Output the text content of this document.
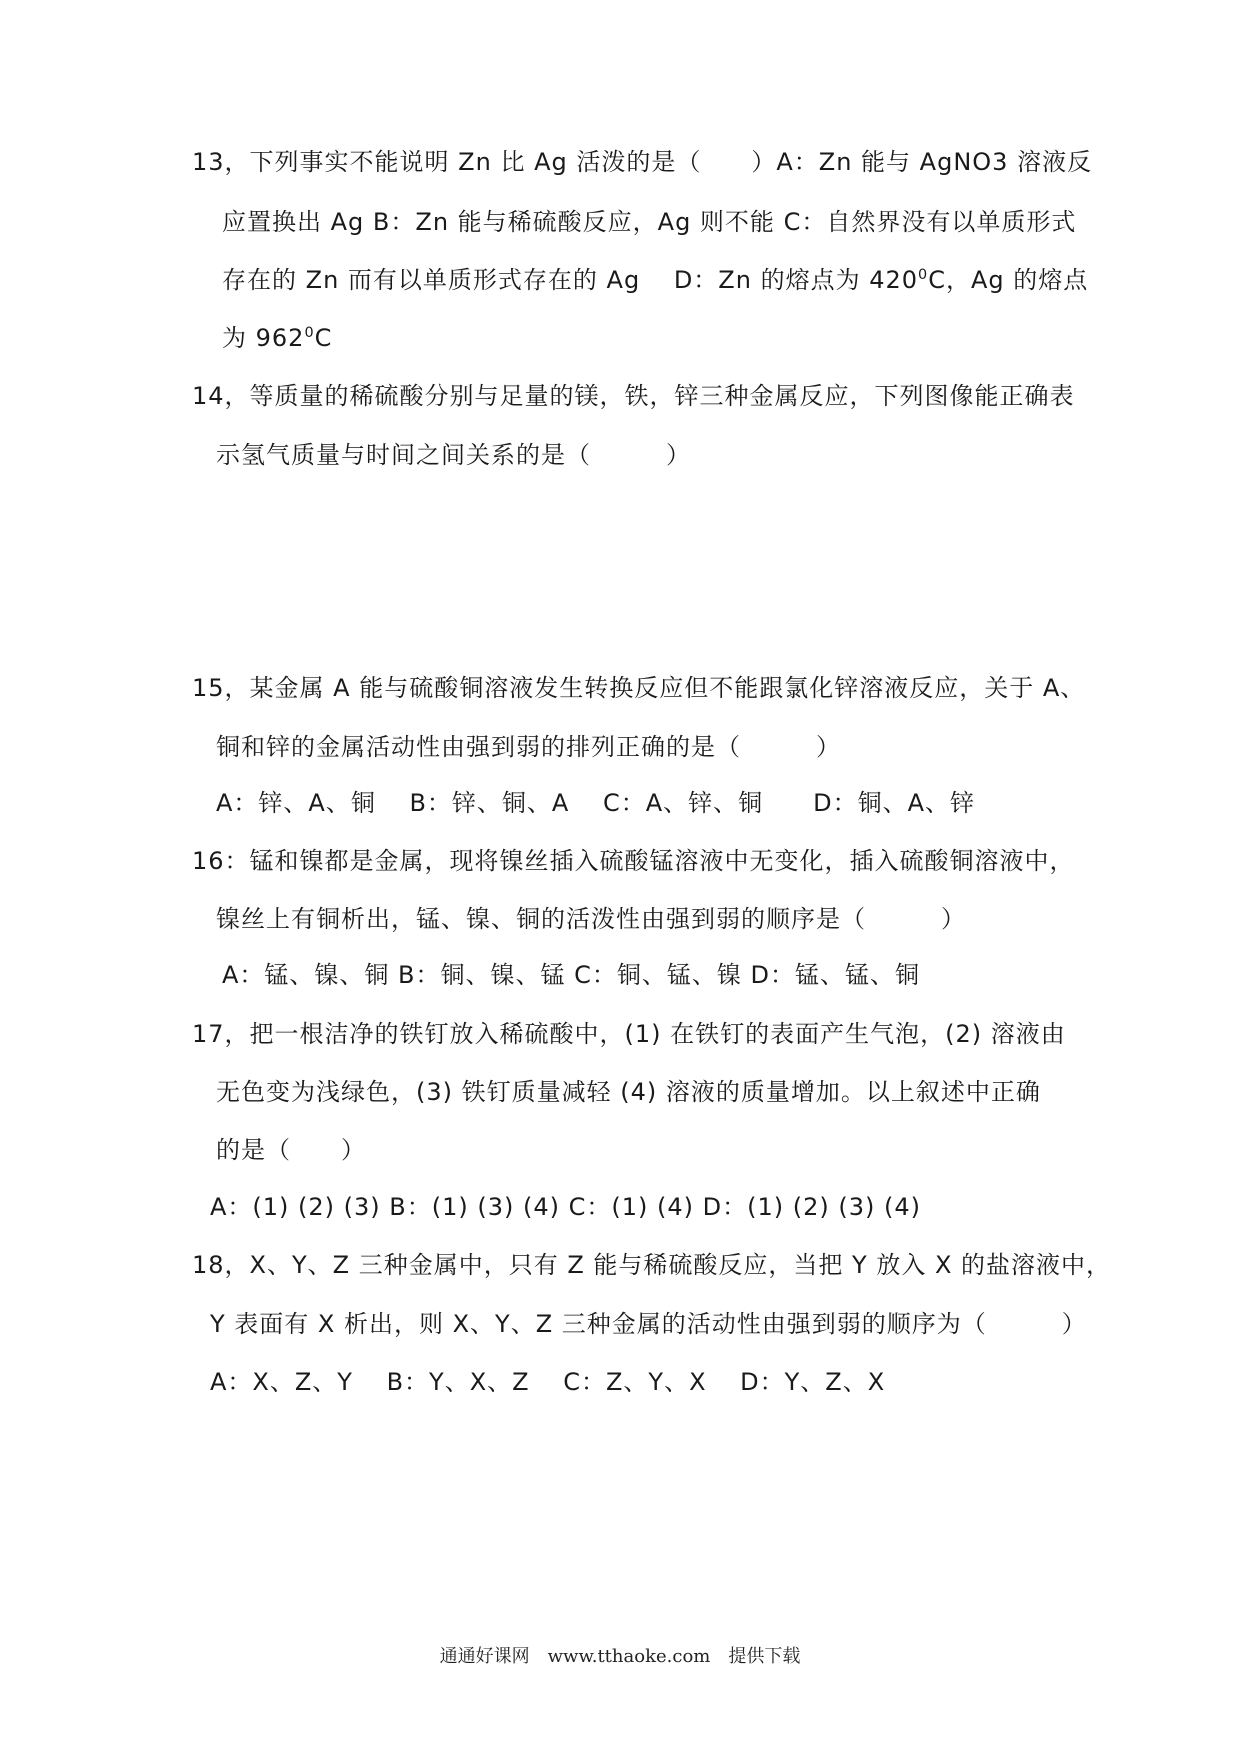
13，下列事实不能说明 Zn 比 Ag 活泼的是（　　）A：Zn 能与 AgNO3 溶液反
应置换出 Ag B：Zn 能与稀硫酸反应，Ag 则不能 C：自然界没有以单质形式
存在的 Zn 而有以单质形式存在的 Ag　 D：Zn 的熔点为 $420^0C$，Ag 的熔点
为 $962^0C$
14，等质量的稀硫酸分别与足量的镁，铁，锌三种金属反应，下列图像能正确表
示氢气质量与时间之间关系的是（　　　）
15，某金属 A 能与硫酸铜溶液发生转换反应但不能跟氯化锌溶液反应，关于 A、
铜和锌的金属活动性由强到弱的排列正确的是（　　　）
A：锌、A、铜　 B：锌、铜、A　 C：A、锌、铜　　D：铜、A、锌
16：锰和镍都是金属，现将镍丝插入硫酸锰溶液中无变化，插入硫酸铜溶液中，
镍丝上有铜析出，锰、镍、铜的活泼性由强到弱的顺序是（　　　）
A：锰、镍、铜 B：铜、镍、锰 C：铜、锰、镍 D：锰、锰、铜
17，把一根洁净的铁钉放入稀硫酸中，(1) 在铁钉的表面产生气泡，(2) 溶液由
无色变为浅绿色，(3) 铁钉质量减轻 (4) 溶液的质量增加。以上叙述中正确
的是（　　）
A：(1) (2) (3) B：(1) (3) (4) C：(1) (4) D：(1) (2) (3) (4)
18，X、Y、Z 三种金属中，只有 Z 能与稀硫酸反应，当把 Y 放入 X 的盐溶液中，
Y 表面有 X 析出，则 X、Y、Z 三种金属的活动性由强到弱的顺序为（　　　）
A：X、Z、Y　 B：Y、X、Z　 C：Z、Y、X　 D：Y、Z、X
通通好课网　www.tthaoke.com　提供下载
